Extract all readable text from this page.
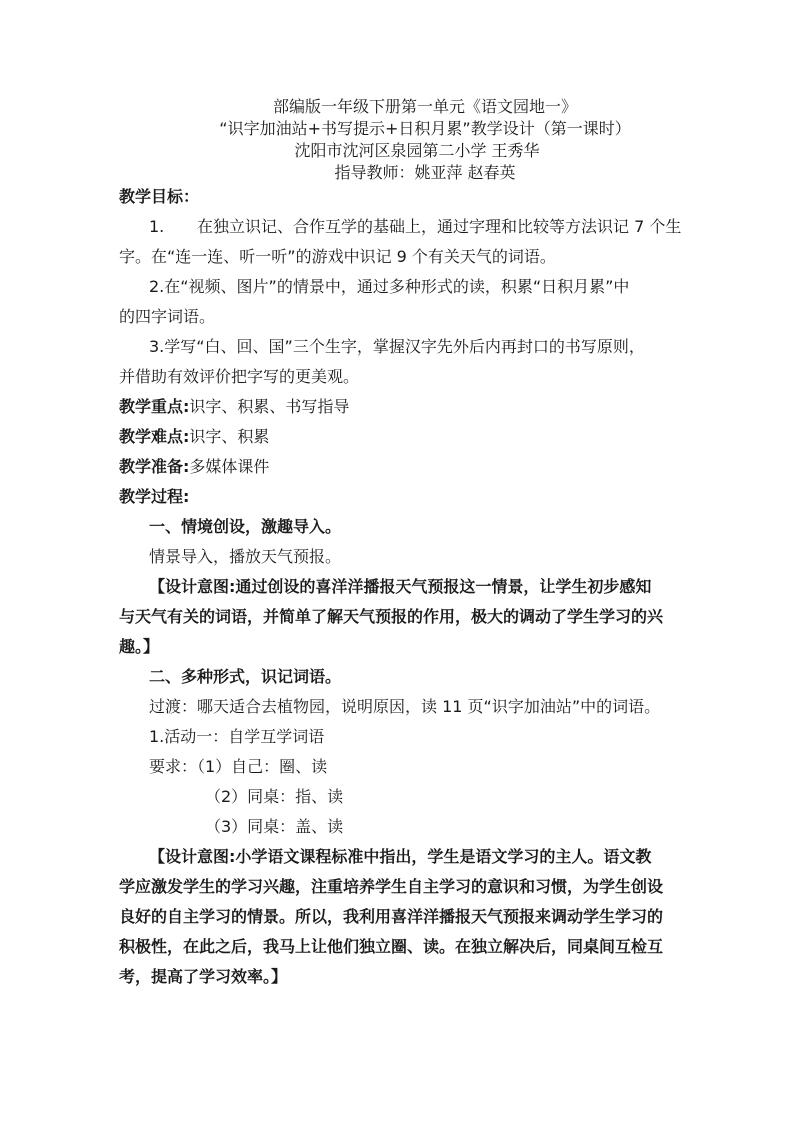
部编版一年级下册第一单元《语文园地一》
“识字加油站+书写提示+日积月累”教学设计（第一课时）
沈阳市沈河区泉园第二小学 王秀华
指导教师：姚亚萍 赵春英

教学目标：

1. 在独立识记、合作互学的基础上，通过字理和比较等方法识记 7 个生

字。在“连一连、听一听”的游戏中识记 9 个有关天气的词语。

2.在“视频、图片”的情景中，通过多种形式的读，积累“日积月累”中

的四字词语。

3.学写“白、回、国”三个生字，掌握汉字先外后内再封口的书写原则，

并借助有效评价把字写的更美观。

教学重点:识字、积累、书写指导

教学难点:识字、积累

教学准备:多媒体课件

教学过程:

一、情境创设，激趣导入。

情景导入，播放天气预报。

【设计意图:通过创设的喜洋洋播报天气预报这一情景，让学生初步感知

与天气有关的词语，并简单了解天气预报的作用，极大的调动了学生学习的兴

趣。】

二、多种形式，识记词语。

过渡：哪天适合去植物园，说明原因，读 11 页“识字加油站”中的词语。

1.活动一：自学互学词语

要求：（1）自己：圈、读

（2）同桌：指、读

（3）同桌：盖、读

【设计意图:小学语文课程标准中指出，学生是语文学习的主人。语文教

学应激发学生的学习兴趣，注重培养学生自主学习的意识和习惯，为学生创设

良好的自主学习的情景。所以，我利用喜洋洋播报天气预报来调动学生学习的

积极性，在此之后，我马上让他们独立圈、读。在独立解决后，同桌间互检互

考，提高了学习效率。】
